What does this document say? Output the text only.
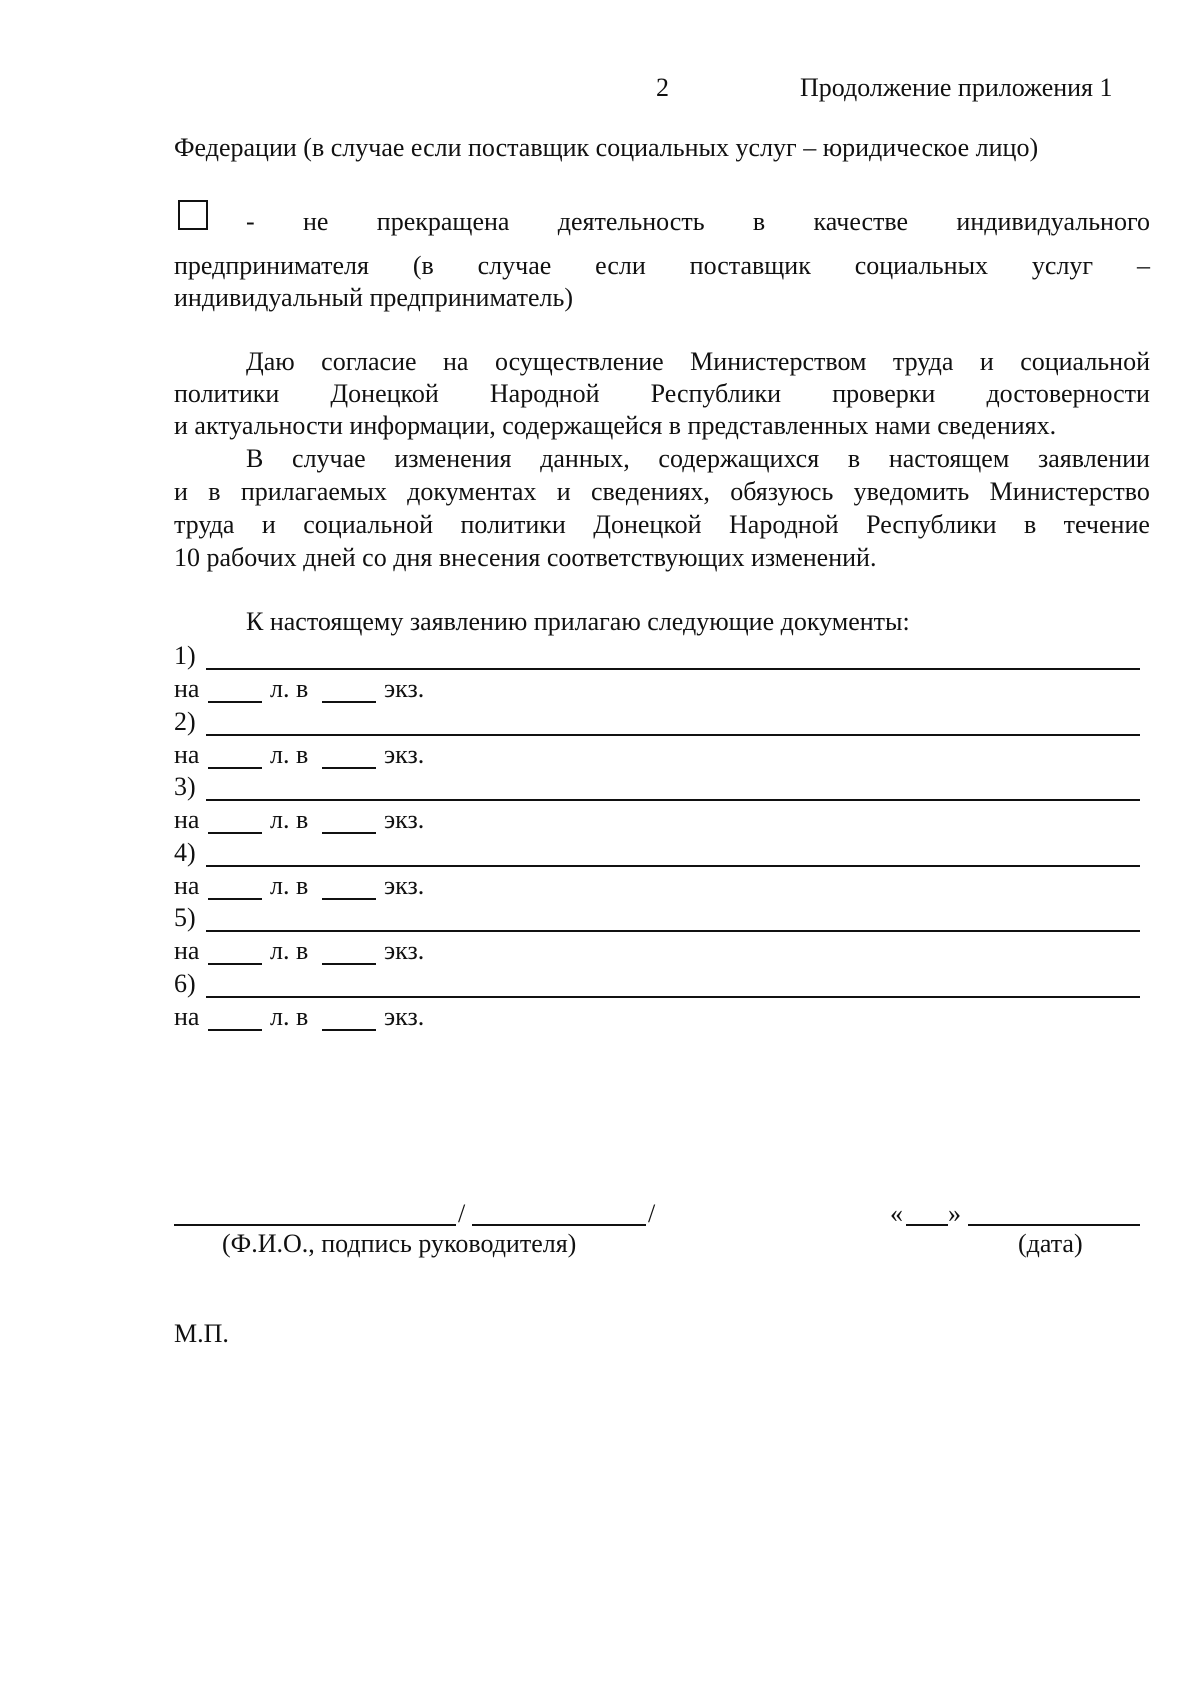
2	Продолжение приложения 1
Федерации (в случае если поставщик социальных услуг – юридическое лицо)
- не прекращена деятельность в качестве индивидуального
предпринимателя (в случае если поставщик социальных услуг –
индивидуальный предприниматель)
Даю согласие на осуществление Министерством труда и социальной
политики Донецкой Народной Республики проверки достоверности
и актуальности информации, содержащейся в представленных нами сведениях.
В случае изменения данных, содержащихся в настоящем заявлении
и в прилагаемых документах и сведениях, обязуюсь уведомить Министерство
труда и социальной политики Донецкой Народной Республики в течение
10 рабочих дней со дня внесения соответствующих изменений.
К настоящему заявлению прилагаю следующие документы:
1)
на	л. в	экз.
2)
на	л. в	экз.
3)
на	л. в	экз.
4)
на	л. в	экз.
5)
на	л. в	экз.
6)
на	л. в	экз.
/	/
(Ф.И.О., подпись руководителя)
« »
(дата)
М.П.
